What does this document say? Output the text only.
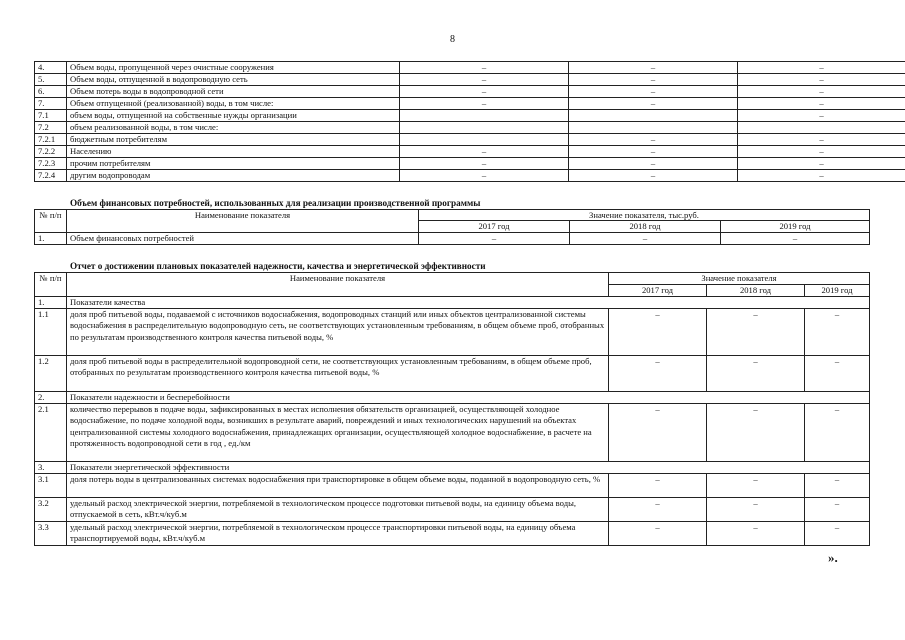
8
4.	Объем воды, пропущенной через очистные сооружения	–	–	–
5.	Объем воды, отпущенной в водопроводную сеть	–	–	–
6.	Объем потерь воды в водопроводной сети	–	–	–
7.	Объем отпущенной (реализованной) воды, в том числе:	–	–	–
7.1	объем воды, отпущенной на собственные нужды организации			–
7.2	объем реализованной воды, в том числе:			
7.2.1	бюджетным потребителям		–	–
7.2.2	Населению	–	–	–
7.2.3	прочим потребителям	–	–	–
7.2.4	другим водопроводам	–	–	–
Объем финансовых потребностей, использованных для реализации производственной программы
№ п/п	Наименование показателя	Значение показателя, тыс.руб.		
		2017 год	2018 год	2019 год
1.	Объем финансовых потребностей	–	–	–
Отчет о достижении плановых показателей надежности, качества и энергетической эффективности
№ п/п	Наименование показателя	Значение показателя		
		2017 год	2018 год	2019 год
1.	Показатели качества			
1.1	доля проб питьевой воды, подаваемой с источников водоснабжения, водопроводных станций или иных объектов централизованной системы водоснабжения в распределительную водопроводную сеть, не соответствующих установленным требованиям, в общем объеме проб, отобранных по результатам производственного контроля качества питьевой воды, %	–	–	–
1.2	доля проб питьевой воды в распределительной водопроводной сети, не соответствующих установленным требованиям, в общем объеме проб, отобранных по результатам производственного контроля качества питьевой воды, %	–	–	–
2.	Показатели надежности и бесперебойности			
2.1	количество перерывов в подаче воды, зафиксированных в местах исполнения обязательств организацией, осуществляющей холодное водоснабжение, по подаче холодной воды, возникших в результате аварий, повреждений и иных технологических нарушений на объектах централизованной системы холодного водоснабжения, принадлежащих организации, осуществляющей холодное водоснабжение, в расчете на протяженность водопроводной сети в год , ед./км	–	–	–
3.	Показатели энергетической эффективности			
3.1	доля потерь воды в централизованных системах водоснабжения при транспортировке в общем объеме воды, поданной в водопроводную сеть, %	–	–	–
3.2	удельный расход электрической энергии, потребляемой в технологическом процессе подготовки питьевой воды, на единицу объема воды, отпускаемой в сеть, кВт.ч/куб.м	–	–	–
3.3	удельный расход электрической энергии, потребляемой в технологическом процессе транспортировки питьевой воды, на единицу объема транспортируемой воды, кВт.ч/куб.м	–	–	–
».
